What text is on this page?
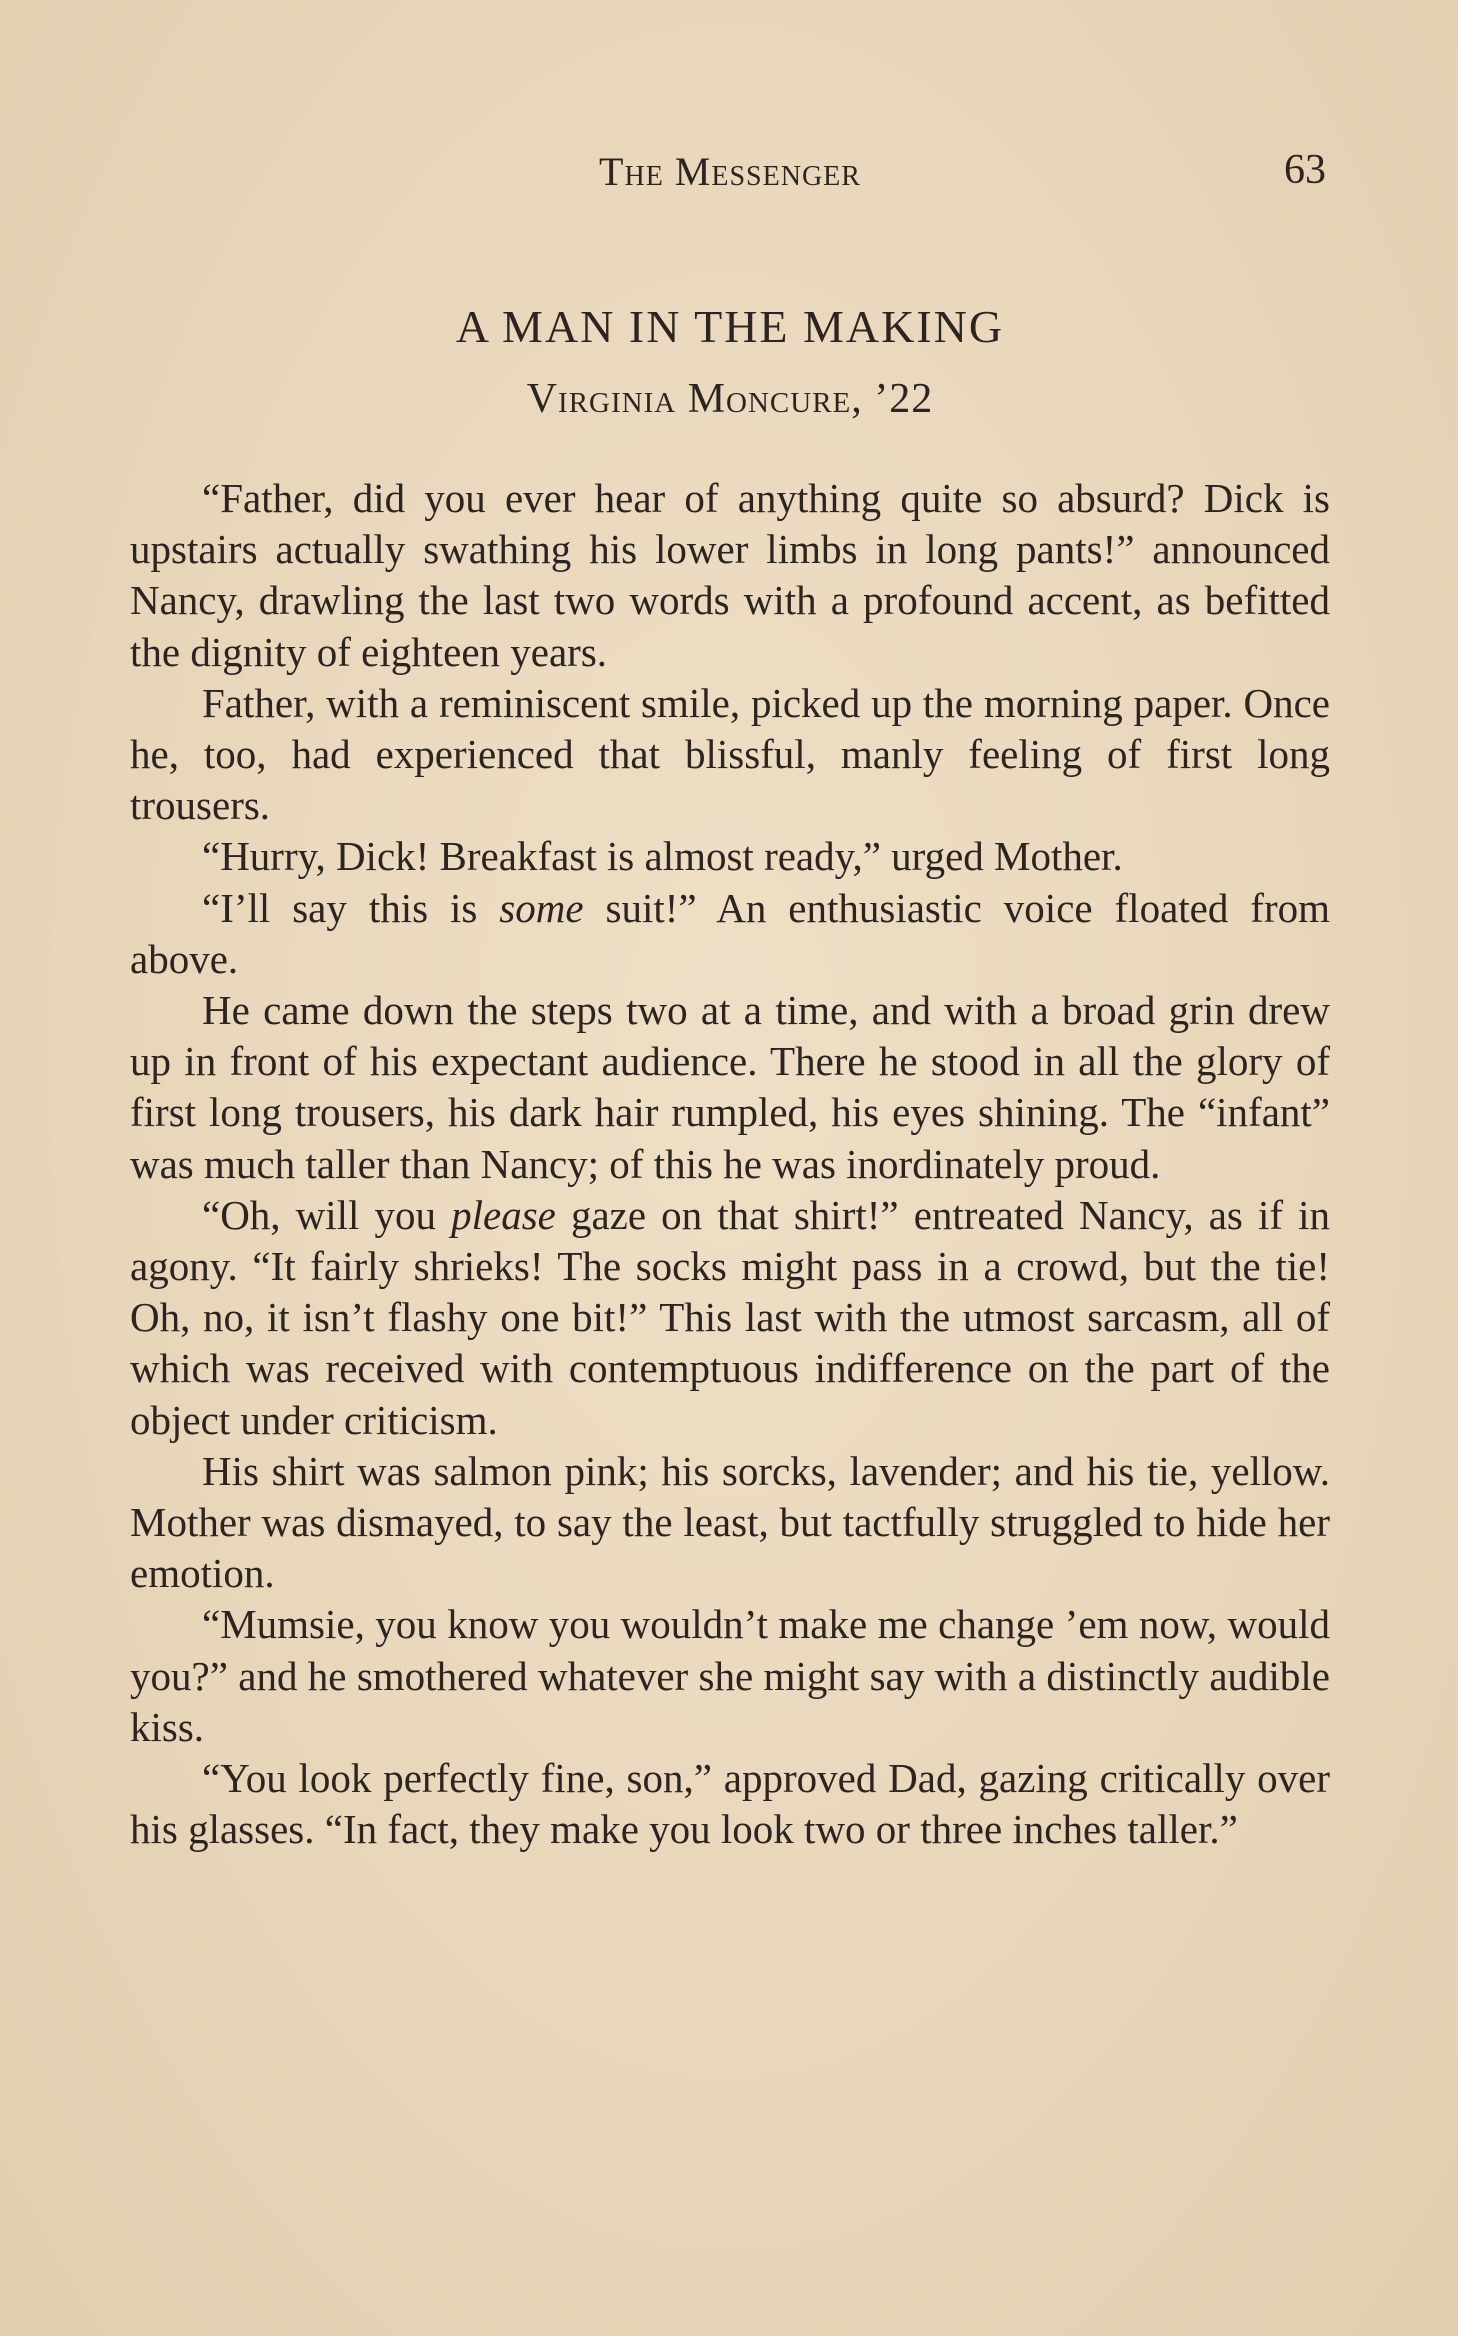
The Messenger	63
A MAN IN THE MAKING
Virginia Moncure, ’22

“Father, did you ever hear of anything quite so absurd? Dick is upstairs actually swathing his lower limbs in long pants!” announced Nancy, drawling the last two words with a profound accent, as befitted the dignity of eighteen years.

Father, with a reminiscent smile, picked up the morning paper. Once he, too, had experienced that blissful, manly feeling of first long trousers.

“Hurry, Dick! Breakfast is almost ready,” urged Mother.

“I’ll say this is some suit!” An enthusiastic voice floated from above.

He came down the steps two at a time, and with a broad grin drew up in front of his expectant audience. There he stood in all the glory of first long trousers, his dark hair rumpled, his eyes shining. The “infant” was much taller than Nancy; of this he was inordinately proud.

“Oh, will you please gaze on that shirt!” entreated Nancy, as if in agony. “It fairly shrieks! The socks might pass in a crowd, but the tie! Oh, no, it isn’t flashy one bit!” This last with the utmost sarcasm, all of which was received with contemptuous indifference on the part of the object under criticism.

His shirt was salmon pink; his sorcks, lavender; and his tie, yellow. Mother was dismayed, to say the least, but tactfully struggled to hide her emotion.

“Mumsie, you know you wouldn’t make me change ’em now, would you?” and he smothered whatever she might say with a distinctly audible kiss.

“You look perfectly fine, son,” approved Dad, gazing critically over his glasses. “In fact, they make you look two or three inches taller.”
